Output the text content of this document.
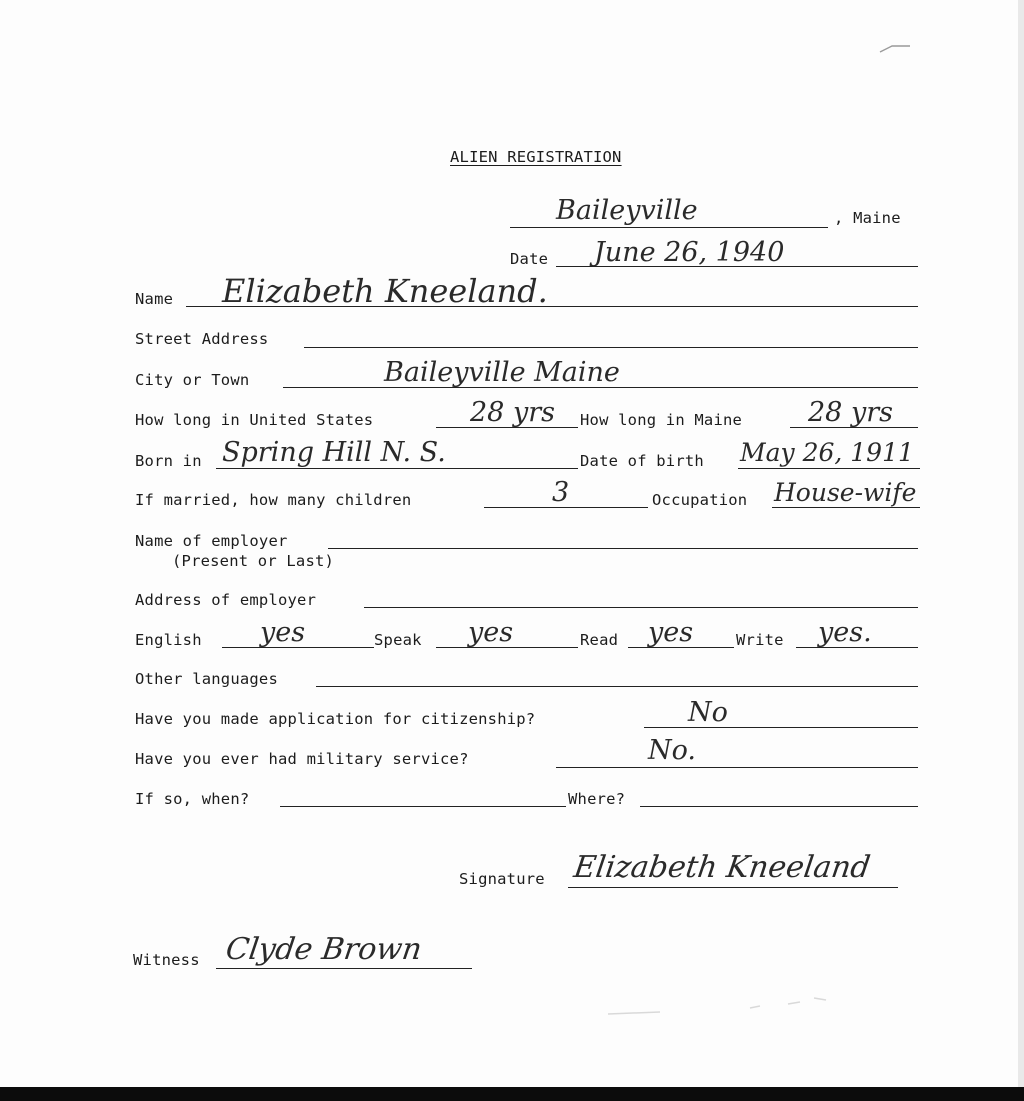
ALIEN REGISTRATION
Baileyville	, Maine
Date June 26, 1940
Name Elizabeth Kneeland.
Street Address
City or Town	Baileyville Maine
How long in United States	28 yrs How long in Maine 28 yrs
Born in Spring Hill N. S.	Date of birth May 26, 1911
If married, how many children	3	Occupation House-wife
Name of employer
(Present or Last)
Address of employer
English yes	Speak yes	Read yes	Write yes.
Other languages
Have you made application for citizenship?	No
Have you ever had military service?	No.
If so, when?	Where?
Signature Elizabeth Kneeland
Witness Clyde Brown
